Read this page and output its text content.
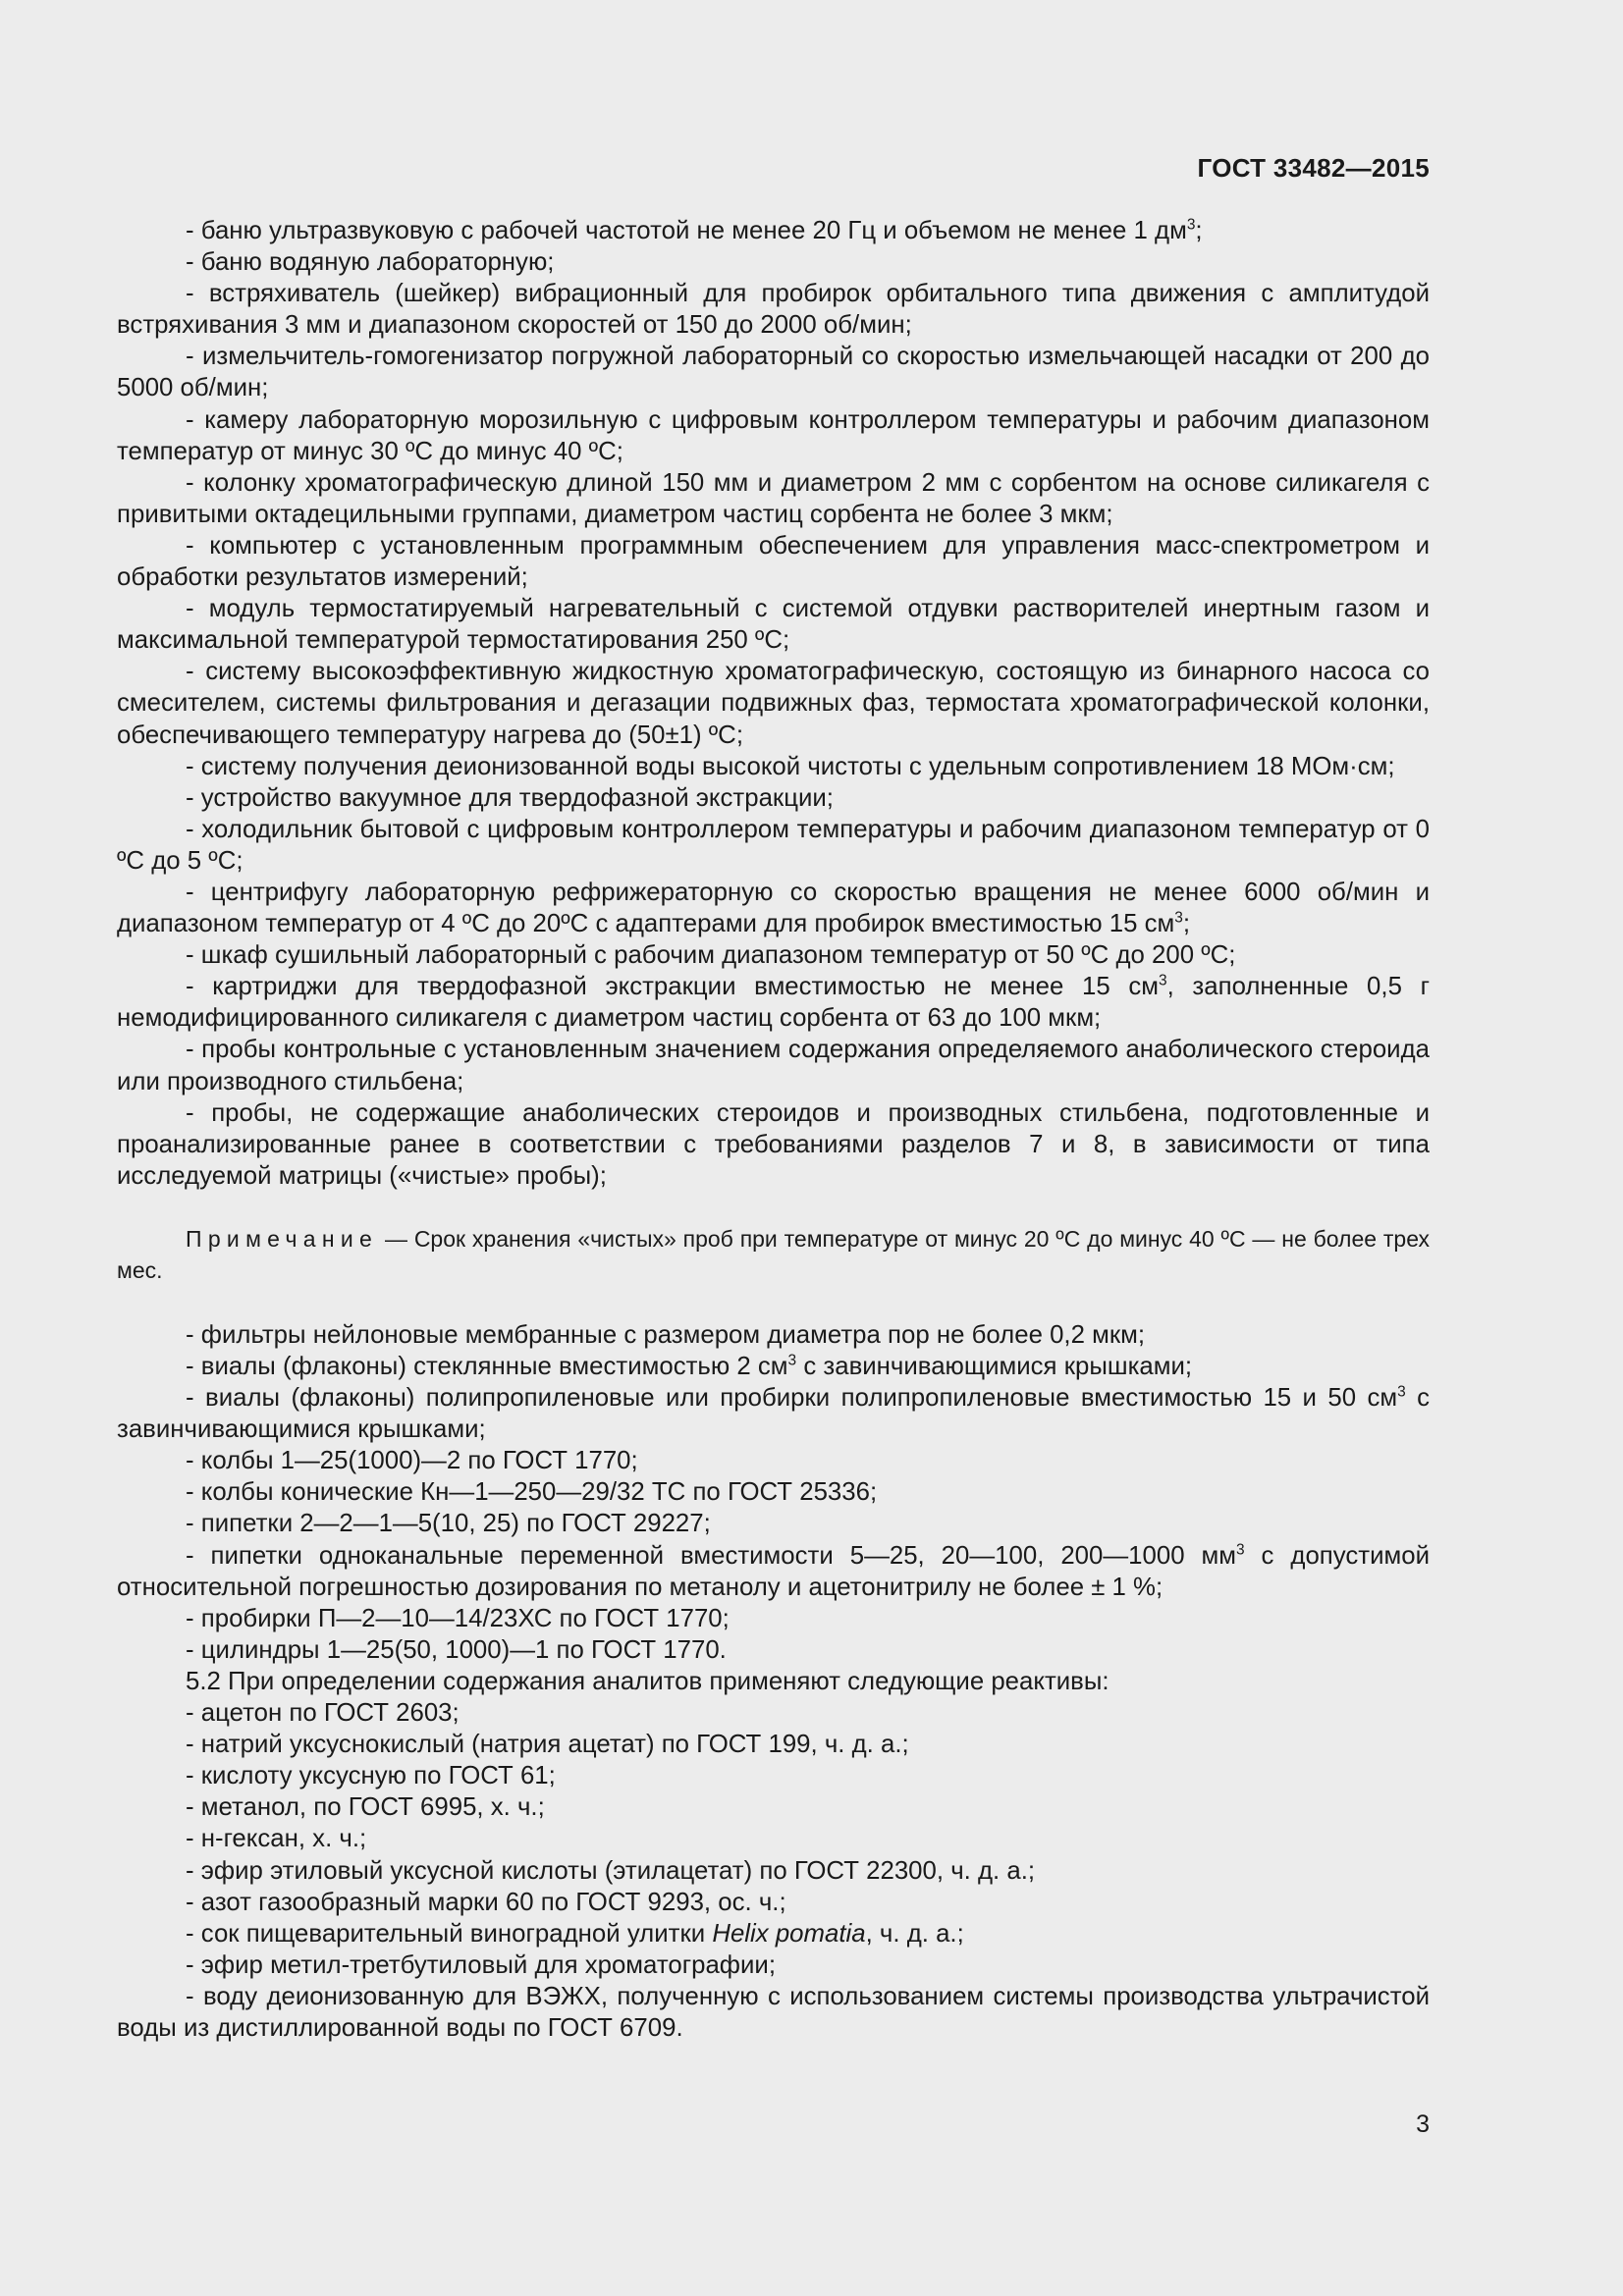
ГОСТ 33482—2015

- баню ультразвуковую с рабочей частотой не менее 20 Гц и объемом не менее 1 $дм^3$;

- баню водяную лабораторную;

- встряхиватель (шейкер) вибрационный для пробирок орбитального типа движения с амплитудой встряхивания 3 мм и диапазоном скоростей от 150 до 2000 об/мин;

- измельчитель-гомогенизатор погружной лабораторный со скоростью измельчающей насадки от 200 до 5000 об/мин;

- камеру лабораторную морозильную с цифровым контроллером температуры и рабочим диапазоном температур от минус 30 ºС до минус 40 ºС;

- колонку хроматографическую длиной 150 мм и диаметром 2 мм с сорбентом на основе силикагеля с привитыми октадецильными группами, диаметром частиц сорбента не более 3 мкм;

- компьютер с установленным программным обеспечением для управления масс-спектрометром и обработки результатов измерений;

- модуль термостатируемый нагревательный с системой отдувки растворителей инертным газом и максимальной температурой термостатирования 250 ºС;

- систему высокоэффективную жидкостную хроматографическую, состоящую из бинарного насоса со смесителем, системы фильтрования и дегазации подвижных фаз, термостата хроматографической колонки, обеспечивающего температуру нагрева до (50±1) ºС;

- систему получения деионизованной воды высокой чистоты с удельным сопротивлением 18 МОм·см;

- устройство вакуумное для твердофазной экстракции;

- холодильник бытовой с цифровым контроллером температуры и рабочим диапазоном температур от 0 ºС до 5 ºС;

- центрифугу лабораторную рефрижераторную со скоростью вращения не менее 6000 об/мин и диапазоном температур от 4 ºС до 20ºС с адаптерами для пробирок вместимостью 15 $см^3$;

- шкаф сушильный лабораторный с рабочим диапазоном температур от 50 ºС до 200 ºС;

- картриджи для твердофазной экстракции вместимостью не менее 15 $см^3$, заполненные 0,5 г немодифицированного силикагеля с диаметром частиц сорбента от 63 до 100 мкм;

- пробы контрольные с установленным значением содержания определяемого анаболического стероида или производного стильбена;

- пробы, не содержащие анаболических стероидов и производных стильбена, подготовленные и проанализированные ранее в соответствии с требованиями разделов 7 и 8, в зависимости от типа исследуемой матрицы («чистые» пробы);

Примечание — Срок хранения «чистых» проб при температуре от минус 20 ºС до минус 40 ºС — не более трех мес.

- фильтры нейлоновые мембранные с размером диаметра пор не более 0,2 мкм;

- виалы (флаконы) стеклянные вместимостью 2 $см^3$ с завинчивающимися крышками;

- виалы (флаконы) полипропиленовые или пробирки полипропиленовые вместимостью 15 и 50 $см^3$ с завинчивающимися крышками;

- колбы 1—25(1000)—2 по ГОСТ 1770;

- колбы конические Кн—1—250—29/32 ТС по ГОСТ 25336;

- пипетки 2—2—1—5(10, 25) по ГОСТ 29227;

- пипетки одноканальные переменной вместимости 5—25, 20—100, 200—1000 $мм^3$ с допустимой относительной погрешностью дозирования по метанолу и ацетонитрилу не более ± 1 %;

- пробирки П—2—10—14/23ХС по ГОСТ 1770;

- цилиндры 1—25(50, 1000)—1 по ГОСТ 1770.

5.2 При определении содержания аналитов применяют следующие реактивы:

- ацетон по ГОСТ 2603;

- натрий уксуснокислый (натрия ацетат) по ГОСТ 199, ч. д. а.;

- кислоту уксусную по ГОСТ 61;

- метанол, по ГОСТ 6995, х. ч.;

- н-гексан, х. ч.;

- эфир этиловый уксусной кислоты (этилацетат) по ГОСТ 22300, ч. д. а.;

- азот газообразный марки 60 по ГОСТ 9293, ос. ч.;

- сок пищеварительный виноградной улитки Helix pomatia, ч. д. а.;

- эфир метил-третбутиловый для хроматографии;

- воду деионизованную для ВЭЖХ, полученную с использованием системы производства ультрачистой воды из дистиллированной воды по ГОСТ 6709.

3
